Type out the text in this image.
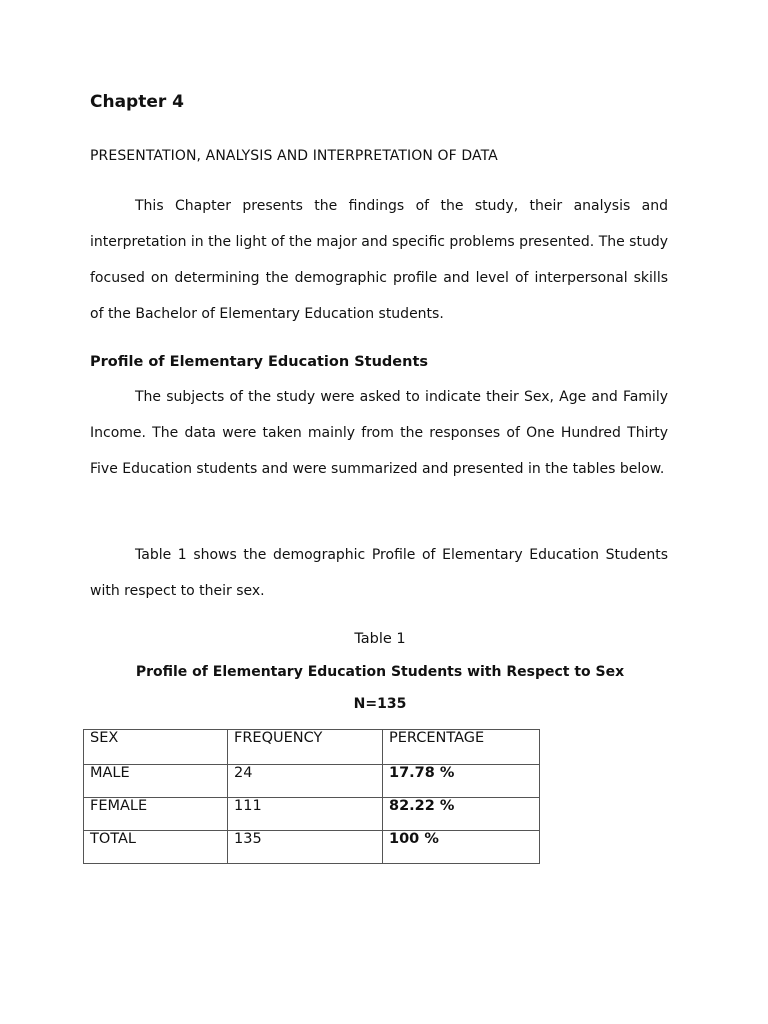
Chapter 4
PRESENTATION, ANALYSIS AND INTERPRETATION OF DATA

This Chapter presents the findings of the study, their analysis and interpretation in the light of the major and specific problems presented. The study focused on determining the demographic profile and level of interpersonal skills of the Bachelor of Elementary Education students.

Profile of Elementary Education Students

The subjects of the study were asked to indicate their Sex, Age and Family Income. The data were taken mainly from the responses of One Hundred Thirty Five Education students and were summarized and presented in the tables below.

Table 1 shows the demographic Profile of Elementary Education Students with respect to their sex.

Table 1
Profile of Elementary Education Students with Respect to Sex
N=135
SEX	FREQUENCY	PERCENTAGE
MALE	24	17.78 %
FEMALE	111	82.22 %
TOTAL	135	100 %
